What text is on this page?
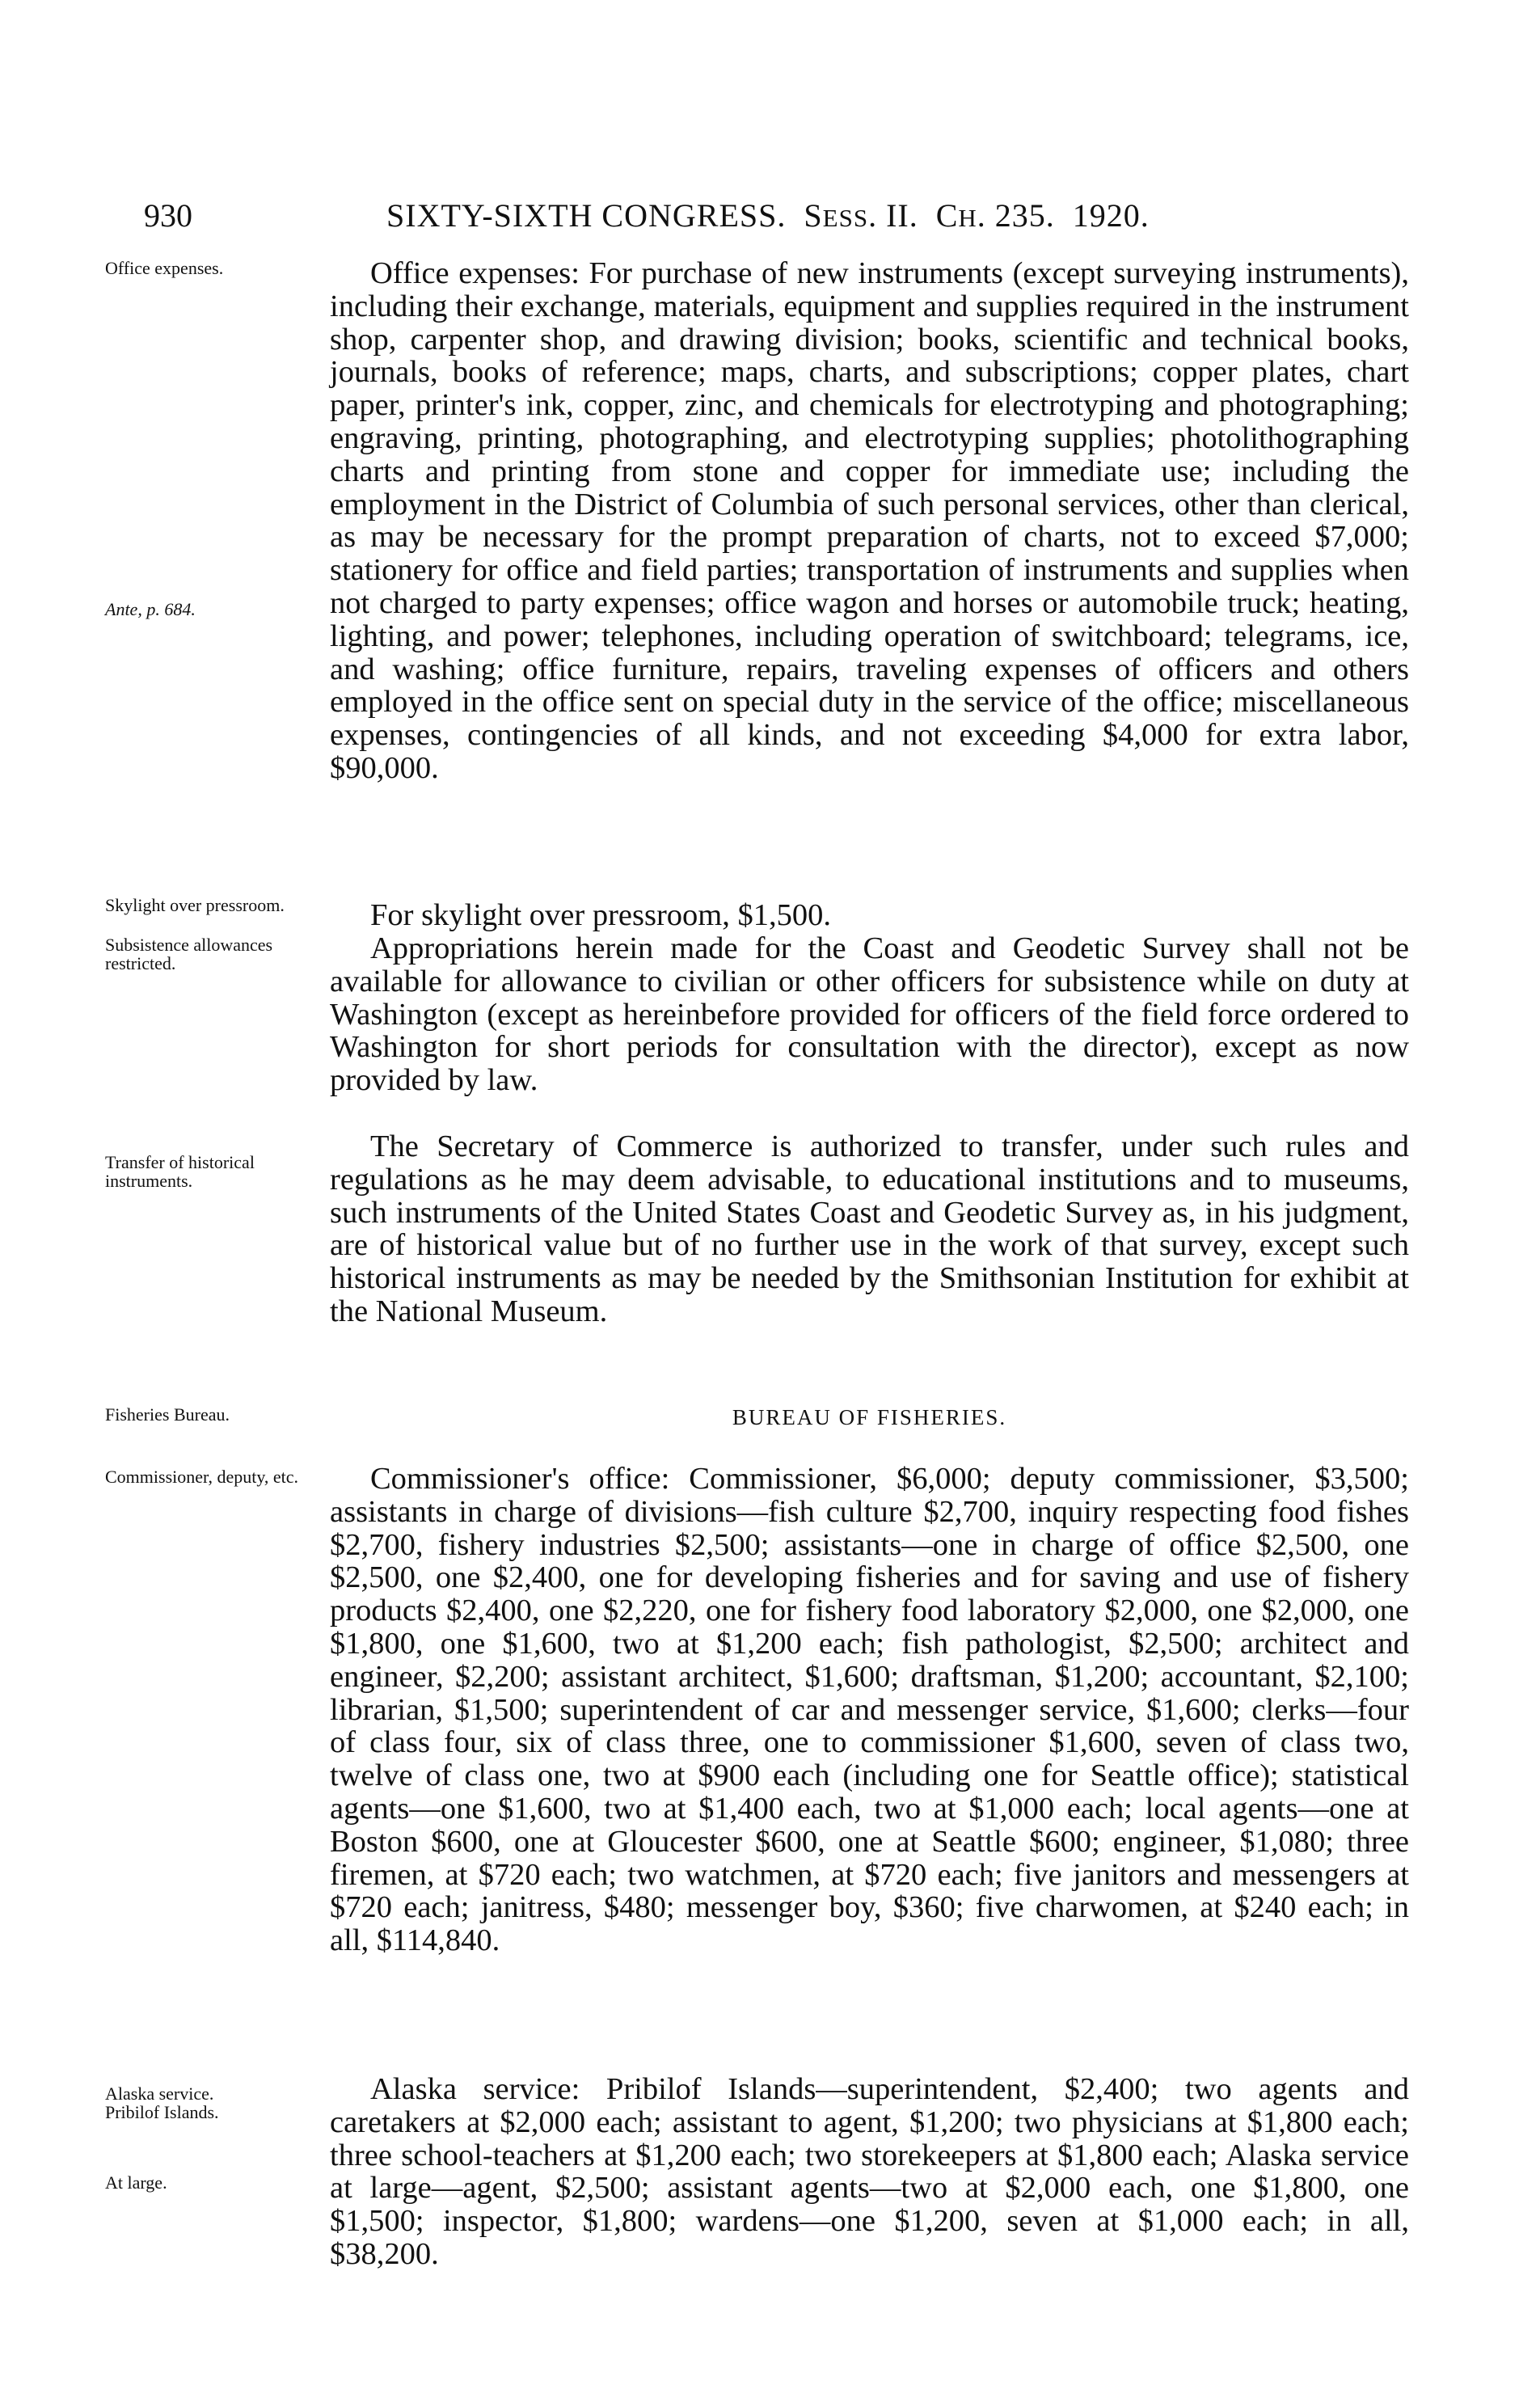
930	SIXTY-SIXTH CONGRESS. SESS. II. CH. 235. 1920.
Office expenses.
Ante, p. 684.
Skylight over pressroom.
Subsistence allowances restricted.
Transfer of historical instruments.
Fisheries Bureau.
Commissioner, deputy, etc.
Alaska service.
Pribilof Islands.
At large.

Office expenses: For purchase of new instruments (except surveying instruments), including their exchange, materials, equipment and supplies required in the instrument shop, carpenter shop, and drawing division; books, scientific and technical books, journals, books of reference; maps, charts, and subscriptions; copper plates, chart paper, printer's ink, copper, zinc, and chemicals for electrotyping and photographing; engraving, printing, photographing, and electrotyping supplies; photolithographing charts and printing from stone and copper for immediate use; including the employment in the District of Columbia of such personal services, other than clerical, as may be necessary for the prompt preparation of charts, not to exceed $7,000; stationery for office and field parties; transportation of instruments and supplies when not charged to party expenses; office wagon and horses or automobile truck; heating, lighting, and power; telephones, including operation of switchboard; telegrams, ice, and washing; office furniture, repairs, traveling expenses of officers and others employed in the office sent on special duty in the service of the office; miscellaneous expenses, contingencies of all kinds, and not exceeding $4,000 for extra labor, $90,000.

For skylight over pressroom, $1,500.

Appropriations herein made for the Coast and Geodetic Survey shall not be available for allowance to civilian or other officers for subsistence while on duty at Washington (except as hereinbefore provided for officers of the field force ordered to Washington for short periods for consultation with the director), except as now provided by law.

The Secretary of Commerce is authorized to transfer, under such rules and regulations as he may deem advisable, to educational institutions and to museums, such instruments of the United States Coast and Geodetic Survey as, in his judgment, are of historical value but of no further use in the work of that survey, except such historical instruments as may be needed by the Smithsonian Institution for exhibit at the National Museum.

BUREAU OF FISHERIES.

Commissioner's office: Commissioner, $6,000; deputy commissioner, $3,500; assistants in charge of divisions—fish culture $2,700, inquiry respecting food fishes $2,700, fishery industries $2,500; assistants—one in charge of office $2,500, one $2,500, one $2,400, one for developing fisheries and for saving and use of fishery products $2,400, one $2,220, one for fishery food laboratory $2,000, one $2,000, one $1,800, one $1,600, two at $1,200 each; fish pathologist, $2,500; architect and engineer, $2,200; assistant architect, $1,600; draftsman, $1,200; accountant, $2,100; librarian, $1,500; superintendent of car and messenger service, $1,600; clerks—four of class four, six of class three, one to commissioner $1,600, seven of class two, twelve of class one, two at $900 each (including one for Seattle office); statistical agents—one $1,600, two at $1,400 each, two at $1,000 each; local agents—one at Boston $600, one at Gloucester $600, one at Seattle $600; engineer, $1,080; three firemen, at $720 each; two watchmen, at $720 each; five janitors and messengers at $720 each; janitress, $480; messenger boy, $360; five charwomen, at $240 each; in all, $114,840.

Alaska service: Pribilof Islands—superintendent, $2,400; two agents and caretakers at $2,000 each; assistant to agent, $1,200; two physicians at $1,800 each; three school-teachers at $1,200 each; two storekeepers at $1,800 each; Alaska service at large—agent, $2,500; assistant agents—two at $2,000 each, one $1,800, one $1,500; inspector, $1,800; wardens—one $1,200, seven at $1,000 each; in all, $38,200.
